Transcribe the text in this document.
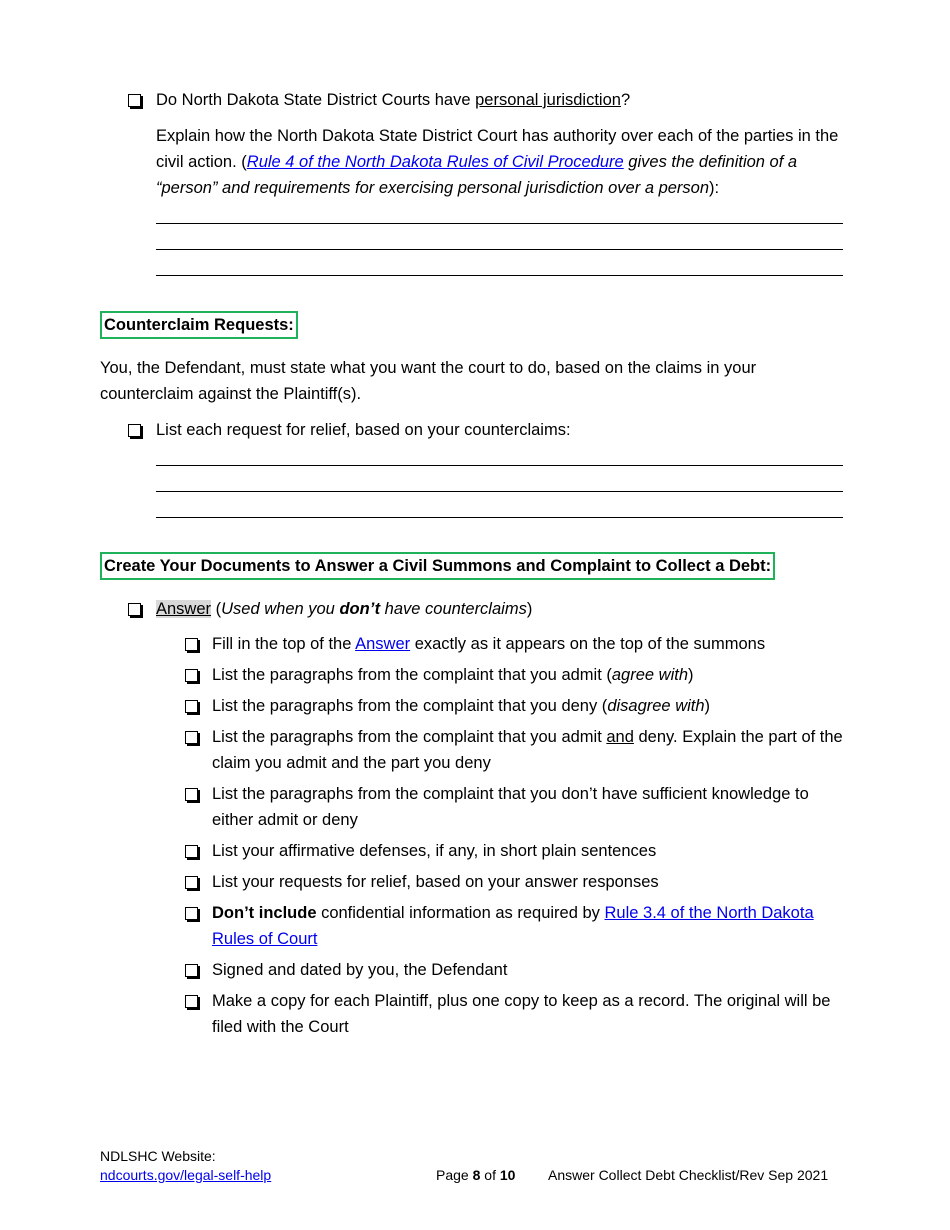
Do North Dakota State District Courts have personal jurisdiction?
Explain how the North Dakota State District Court has authority over each of the parties in the civil action. (Rule 4 of the North Dakota Rules of Civil Procedure gives the definition of a “person” and requirements for exercising personal jurisdiction over a person):
Counterclaim Requests:
You, the Defendant, must state what you want the court to do, based on the claims in your counterclaim against the Plaintiff(s).
List each request for relief, based on your counterclaims:
Create Your Documents to Answer a Civil Summons and Complaint to Collect a Debt:
Answer (Used when you don’t have counterclaims)
Fill in the top of the Answer exactly as it appears on the top of the summons
List the paragraphs from the complaint that you admit (agree with)
List the paragraphs from the complaint that you deny (disagree with)
List the paragraphs from the complaint that you admit and deny. Explain the part of the claim you admit and the part you deny
List the paragraphs from the complaint that you don’t have sufficient knowledge to either admit or deny
List your affirmative defenses, if any, in short plain sentences
List your requests for relief, based on your answer responses
Don’t include confidential information as required by Rule 3.4 of the North Dakota Rules of Court
Signed and dated by you, the Defendant
Make a copy for each Plaintiff, plus one copy to keep as a record. The original will be filed with the Court
NDLSHC Website:
ndcourts.gov/legal-self-help	Page 8 of 10 Answer Collect Debt Checklist/Rev Sep 2021
